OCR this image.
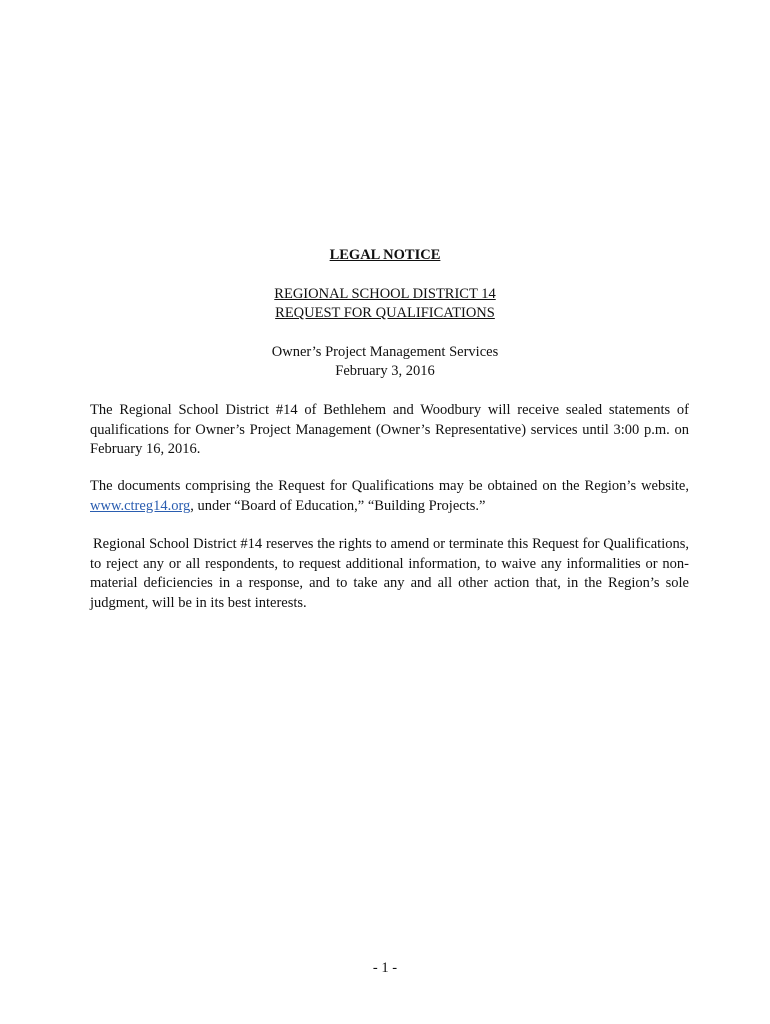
LEGAL NOTICE
REGIONAL SCHOOL DISTRICT 14
REQUEST FOR QUALIFICATIONS
Owner’s Project Management Services
February 3, 2016

The Regional School District #14 of Bethlehem and Woodbury will receive sealed statements of qualifications for Owner’s Project Management (Owner’s Representative) services until 3:00 p.m. on February 16, 2016.

The documents comprising the Request for Qualifications may be obtained on the Region’s website, www.ctreg14.org, under “Board of Education,” “Building Projects.”

Regional School District #14 reserves the rights to amend or terminate this Request for Qualifications, to reject any or all respondents, to request additional information, to waive any informalities or non-material deficiencies in a response, and to take any and all other action that, in the Region’s sole judgment, will be in its best interests.

- 1 -
